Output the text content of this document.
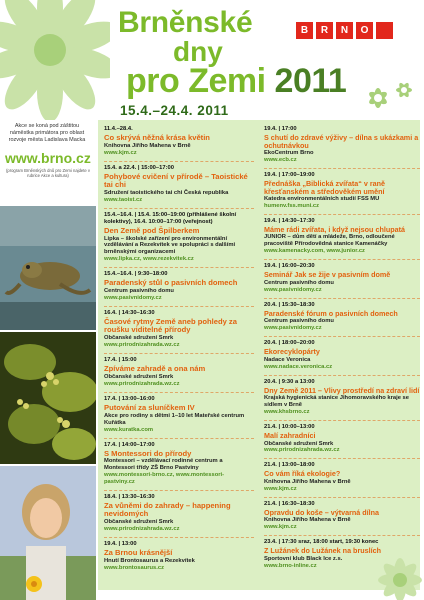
Brněnské
dny
pro Zemi 2011
15.4.–24.4. 2011
B	R	N	O
Akce se koná pod záštitou náměstka primátora pro oblast rozvoje města Ladislava Macka
www.brno.cz
(program Brněnských dnů pro Zemi najdete v rubrice Akce a kultura)
11.4.–28.4.
Co skrývá něžná krása květin
Knihovna Jiřího Mahena v Brně
www.kjm.cz
15.4. a 22.4. | 15:00–17:00
Pohybové cvičení v přírodě – Taoistické tai chi
Sdružení taoistického tai chi Česká republika
www.taoist.cz
15.4.–16.4. | 15.4. 15:00–19:00 (přihlášené školní kolektivy), 16.4. 10:00–17:00 (veřejnost)
Den Země pod Špilberkem
Lipka – školské zařízení pro environmentální vzdělávání a Rezekvítek ve spolupráci s dalšími brněnskými organizacemi
www.lipka.cz, www.rezekvitek.cz
15.4.–16.4. | 9:30–18:00
Paradenský stůl o pasivních domech
Centrum pasivního domu
www.pasivnidomy.cz
16.4. | 14:30–16:30
Časové rytmy Země aneb pohledy za roušku viditelné přírody
Občanské sdružení Smrk
www.prirodnizahrada.wz.cz
17.4. | 15:00
Zpíváme zahradě a ona nám
Občanské sdružení Smrk
www.prirodnizahrada.wz.cz
17.4. | 13:00–16:00
Putování za sluníčkem IV
Akce pro rodiny s dětmi 1–10 let Mateřské centrum Kuřátka
www.kuratka.com
17.4. | 14:00–17:00
S Montessori do přírody
Montessori – vzdělávací rodinné centrum a Montessori třídy ZŠ Brno Pastviny
www.montessori-brno.cz, www.montessori-pastviny.cz
18.4. | 13:30–16:30
Za vůněmi do zahrady – happening nevidomých
Občanské sdružení Smrk
www.prirodnizahrada.wz.cz
19.4. | 13:00
Za Brnou krásnější
Hnutí Brontosaurus a Rezekvítek
www.brontosaurus.cz
19.4. | 17:00
S chutí do zdravé výživy – dílna s ukázkami a ochutnávkou
EkoCentrum Brno
www.ecb.cz
19.4. | 17:00–19:00
Přednáška „Biblická zvířata“ v raně křesťanském a středověkém umění
Katedra environmentálních studií FSS MU
humenv.fss.muni.cz
19.4. | 14:30–17:30
Máme rádi zvířata, i když nejsou chlupatá
JUNIOR – dům dětí a mládeže, Brno, odloučené pracoviště Přírodovědná stanice Kamenáčky
www.kamenacky.com, www.junior.cz
19.4. | 16:00–20:30
Seminář Jak se žije v pasivním domě
Centrum pasivního domu
www.pasivnidomy.cz
20.4. | 15:30–18:30
Paradenské fórum o pasivních domech
Centrum pasivního domu
www.pasivnidomy.cz
20.4. | 18:00–20:00
Ekorecyklopárty
Nadace Veronica
www.nadace.veronica.cz
20.4. | 9:30 a 13:00
Dny Země 2011 – Vlivy prostředí na zdraví lidí
Krajská hygienická stanice Jihomoravského kraje se sídlem v Brně
www.khsbrno.cz
21.4. | 10:00–13:00
Malí zahradníci
Občanské sdružení Smrk
www.prirodnizahrada.wz.cz
21.4. | 13:00–18:00
Co vám říká ekologie?
Knihovna Jiřího Mahena v Brně
www.kjm.cz
21.4. | 16:30–18:30
Opravdu do koše – výtvarná dílna
Knihovna Jiřího Mahena v Brně
www.kjm.cz
23.4. | 17:30 sraz, 18:00 start, 19:30 konec
Z Lužánek do Lužánek na bruslích
Sportovní klub Black Ice z.s.
www.brno-inline.cz
